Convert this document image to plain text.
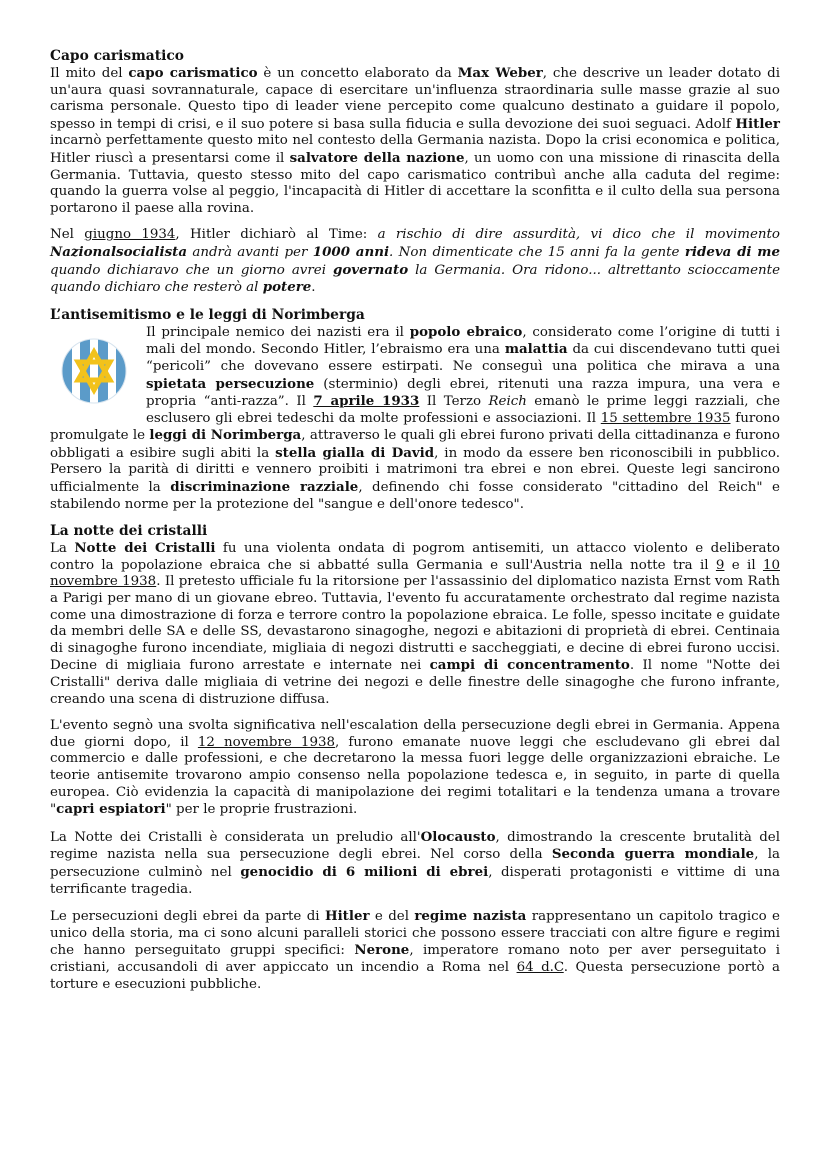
Capo carismatico

Il mito del capo carismatico è un concetto elaborato da Max Weber, che descrive un leader dotato di un'aura quasi sovrannaturale, capace di esercitare un'influenza straordinaria sulle masse grazie al suo carisma personale. Questo tipo di leader viene percepito come qualcuno destinato a guidare il popolo, spesso in tempi di crisi, e il suo potere si basa sulla fiducia e sulla devozione dei suoi seguaci. Adolf Hitler incarnò perfettamente questo mito nel contesto della Germania nazista. Dopo la crisi economica e politica, Hitler riuscì a presentarsi come il salvatore della nazione, un uomo con una missione di rinascita della Germania. Tuttavia, questo stesso mito del capo carismatico contribuì anche alla caduta del regime: quando la guerra volse al peggio, l'incapacità di Hitler di accettare la sconfitta e il culto della sua persona portarono il paese alla rovina.

Nel giugno 1934, Hitler dichiarò al Time: a rischio di dire assurdità, vi dico che il movimento Nazionalsocialista andrà avanti per 1000 anni. Non dimenticate che 15 anni fa la gente rideva di me quando dichiaravo che un giorno avrei governato la Germania. Ora ridono... altrettanto scioccamente quando dichiaro che resterò al potere.

L’antisemitismo e le leggi di Norimberga

Il principale nemico dei nazisti era il popolo ebraico, considerato come l’origine di tutti i mali del mondo. Secondo Hitler, l’ebraismo era una malattia da cui discendevano tutti quei “pericoli” che dovevano essere estirpati. Ne conseguì una politica che mirava a una spietata persecuzione (sterminio) degli ebrei, ritenuti una razza impura, una vera e propria “anti-razza”. Il 7 aprile 1933 Il Terzo Reich emanò le prime leggi razziali, che esclusero gli ebrei tedeschi da molte professioni e associazioni. Il 15 settembre 1935 furono promulgate le leggi di Norimberga, attraverso le quali gli ebrei furono privati della cittadinanza e furono obbligati a esibire sugli abiti la stella gialla di David, in modo da essere ben riconoscibili in pubblico. Persero la parità di diritti e vennero proibiti i matrimoni tra ebrei e non ebrei. Queste legi sancirono ufficialmente la discriminazione razziale, definendo chi fosse considerato "cittadino del Reich" e stabilendo norme per la protezione del "sangue e dell'onore tedesco".

La notte dei cristalli

La Notte dei Cristalli fu una violenta ondata di pogrom antisemiti, un attacco violento e deliberato contro la popolazione ebraica che si abbatté sulla Germania e sull'Austria nella notte tra il 9 e il 10 novembre 1938. Il pretesto ufficiale fu la ritorsione per l'assassinio del diplomatico nazista Ernst vom Rath a Parigi per mano di un giovane ebreo. Tuttavia, l'evento fu accuratamente orchestrato dal regime nazista come una dimostrazione di forza e terrore contro la popolazione ebraica. Le folle, spesso incitate e guidate da membri delle SA e delle SS, devastarono sinagoghe, negozi e abitazioni di proprietà di ebrei. Centinaia di sinagoghe furono incendiate, migliaia di negozi distrutti e saccheggiati, e decine di ebrei furono uccisi. Decine di migliaia furono arrestate e internate nei campi di concentramento. Il nome "Notte dei Cristalli" deriva dalle migliaia di vetrine dei negozi e delle finestre delle sinagoghe che furono infrante, creando una scena di distruzione diffusa.

L'evento segnò una svolta significativa nell'escalation della persecuzione degli ebrei in Germania. Appena due giorni dopo, il 12 novembre 1938, furono emanate nuove leggi che escludevano gli ebrei dal commercio e dalle professioni, e che decretarono la messa fuori legge delle organizzazioni ebraiche. Le teorie antisemite trovarono ampio consenso nella popolazione tedesca e, in seguito, in parte di quella europea. Ciò evidenzia la capacità di manipolazione dei regimi totalitari e la tendenza umana a trovare "capri espiatori" per le proprie frustrazioni.

La Notte dei Cristalli è considerata un preludio all'Olocausto, dimostrando la crescente brutalità del regime nazista nella sua persecuzione degli ebrei. Nel corso della Seconda guerra mondiale, la persecuzione culminò nel genocidio di 6 milioni di ebrei, disperati protagonisti e vittime di una terrificante tragedia.

Le persecuzioni degli ebrei da parte di Hitler e del regime nazista rappresentano un capitolo tragico e unico della storia, ma ci sono alcuni paralleli storici che possono essere tracciati con altre figure e regimi che hanno perseguitato gruppi specifici: Nerone, imperatore romano noto per aver perseguitato i cristiani, accusandoli di aver appiccato un incendio a Roma nel 64 d.C. Questa persecuzione portò a torture e esecuzioni pubbliche.
